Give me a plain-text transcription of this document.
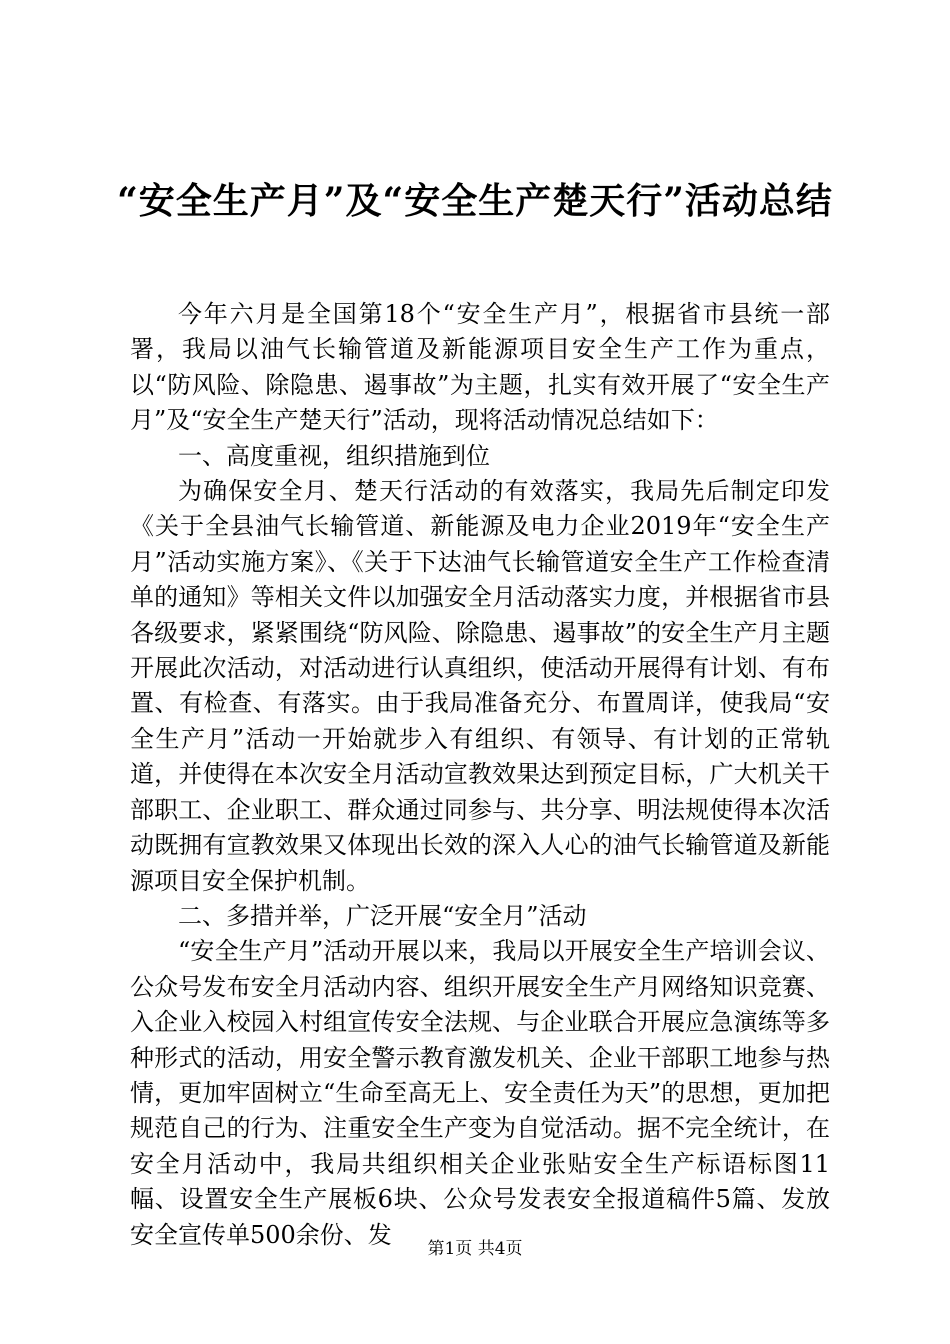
“安全生产月”及“安全生产楚天行”活动总结

今年六月是全国第18个“安全生产月”，根据省市县统一部署，我局以油气长输管道及新能源项目安全生产工作为重点，以“防风险、除隐患、遏事故”为主题，扎实有效开展了“安全生产月”及“安全生产楚天行”活动，现将活动情况总结如下：

一、高度重视，组织措施到位

为确保安全月、楚天行活动的有效落实，我局先后制定印发《关于全县油气长输管道、新能源及电力企业2019年“安全生产月”活动实施方案》、《关于下达油气长输管道安全生产工作检查清单的通知》等相关文件以加强安全月活动落实力度，并根据省市县各级要求，紧紧围绕“防风险、除隐患、遏事故”的安全生产月主题开展此次活动，对活动进行认真组织，使活动开展得有计划、有布置、有检查、有落实。由于我局准备充分、布置周详，使我局“安全生产月”活动一开始就步入有组织、有领导、有计划的正常轨道，并使得在本次安全月活动宣教效果达到预定目标，广大机关干部职工、企业职工、群众通过同参与、共分享、明法规使得本次活动既拥有宣教效果又体现出长效的深入人心的油气长输管道及新能源项目安全保护机制。

二、多措并举，广泛开展“安全月”活动

“安全生产月”活动开展以来，我局以开展安全生产培训会议、公众号发布安全月活动内容、组织开展安全生产月网络知识竞赛、入企业入校园入村组宣传安全法规、与企业联合开展应急演练等多种形式的活动，用安全警示教育激发机关、企业干部职工地参与热情，更加牢固树立“生命至高无上、安全责任为天”的思想，更加把规范自己的行为、注重安全生产变为自觉活动。据不完全统计，在安全月活动中，我局共组织相关企业张贴安全生产标语标图11幅、设置安全生产展板6块、公众号发表安全报道稿件5篇、发放安全宣传单500余份、发

第1页 共4页
